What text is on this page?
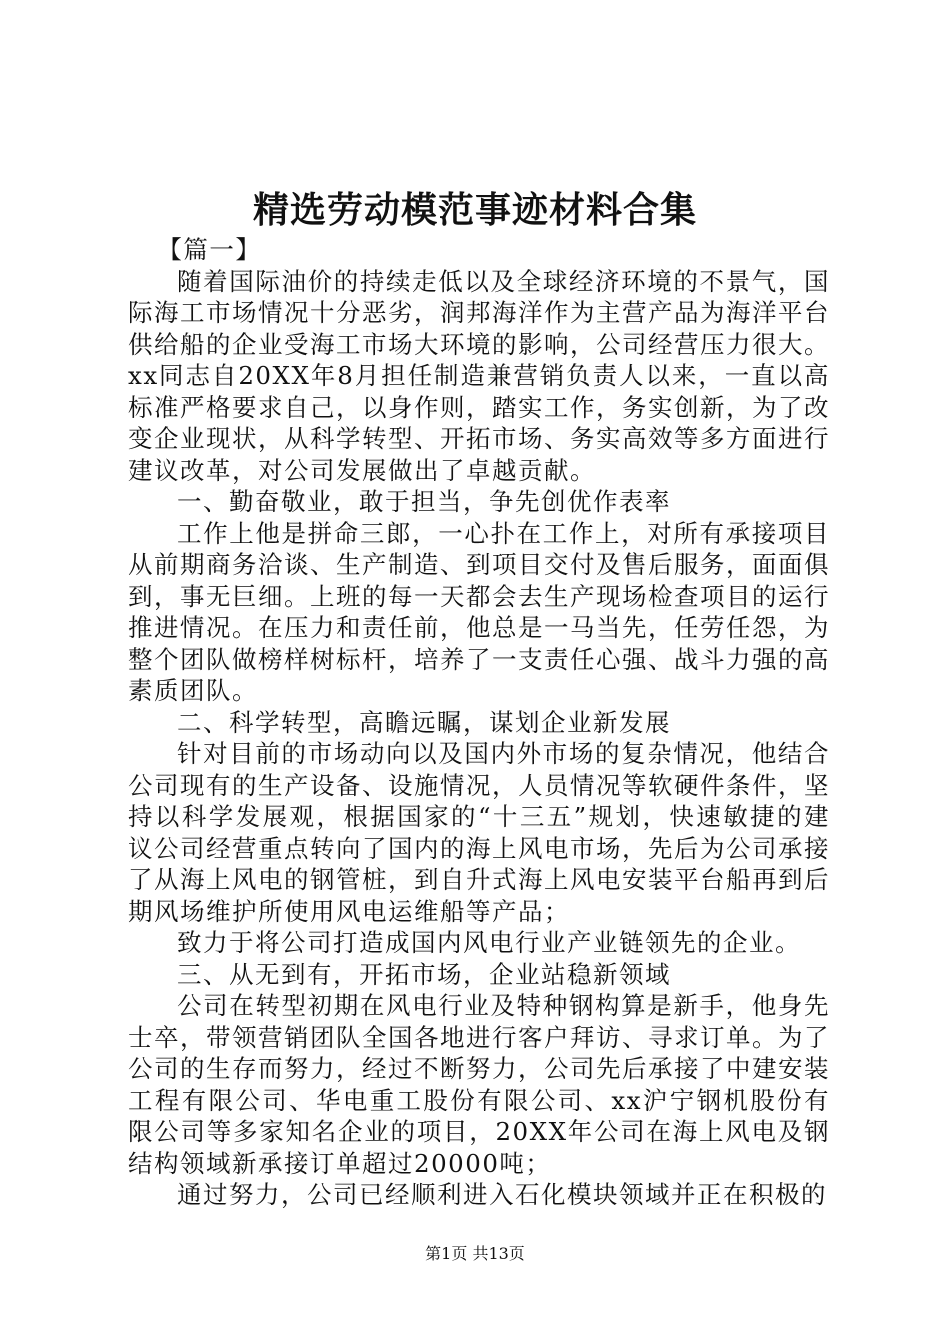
精选劳动模范事迹材料合集

【篇一】

随着国际油价的持续走低以及全球经济环境的不景气，国际海工市场情况十分恶劣，润邦海洋作为主营产品为海洋平台供给船的企业受海工市场大环境的影响，公司经营压力很大。xx同志自20XX年8月担任制造兼营销负责人以来，一直以高标准严格要求自己，以身作则，踏实工作，务实创新，为了改变企业现状，从科学转型、开拓市场、务实高效等多方面进行建议改革，对公司发展做出了卓越贡献。

一、勤奋敬业，敢于担当，争先创优作表率

工作上他是拼命三郎，一心扑在工作上，对所有承接项目从前期商务洽谈、生产制造、到项目交付及售后服务，面面俱到，事无巨细。上班的每一天都会去生产现场检查项目的运行推进情况。在压力和责任前，他总是一马当先，任劳任怨，为整个团队做榜样树标杆，培养了一支责任心强、战斗力强的高素质团队。

二、科学转型，高瞻远瞩，谋划企业新发展

针对目前的市场动向以及国内外市场的复杂情况，他结合公司现有的生产设备、设施情况，人员情况等软硬件条件，坚持以科学发展观，根据国家的“十三五”规划，快速敏捷的建议公司经营重点转向了国内的海上风电市场，先后为公司承接了从海上风电的钢管桩，到自升式海上风电安装平台船再到后期风场维护所使用风电运维船等产品；

致力于将公司打造成国内风电行业产业链领先的企业。

三、从无到有，开拓市场，企业站稳新领域

公司在转型初期在风电行业及特种钢构算是新手，他身先士卒，带领营销团队全国各地进行客户拜访、寻求订单。为了公司的生存而努力，经过不断努力，公司先后承接了中建安装工程有限公司、华电重工股份有限公司、xx沪宁钢机股份有限公司等多家知名企业的项目，20XX年公司在海上风电及钢结构领域新承接订单超过20000吨；

通过努力，公司已经顺利进入石化模块领域并正在积极的

第1页 共13页
